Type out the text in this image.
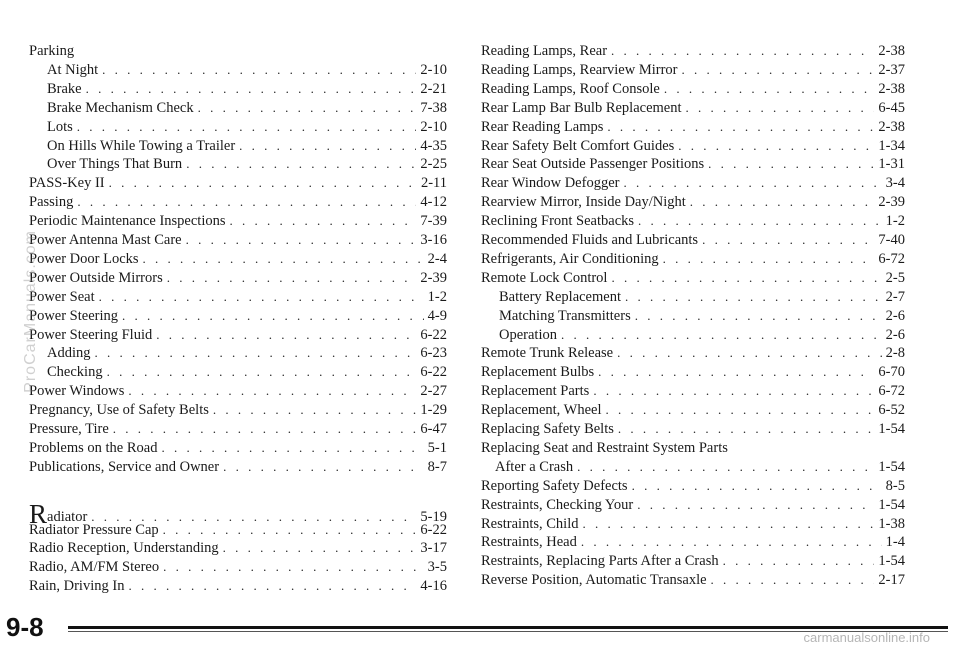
Parking
At Night . . .	2-10
Brake . . .	2-21
Brake Mechanism Check . . .	7-38
Lots . . .	2-10
On Hills While Towing a Trailer . . .	4-35
Over Things That Burn . . .	2-25
PASS-Key II . . .	2-11
Passing . . .	4-12
Periodic Maintenance Inspections . . .	7-39
Power Antenna Mast Care . . .	3-16
Power Door Locks . . .	2-4
Power Outside Mirrors . . .	2-39
Power Seat . . .	1-2
Power Steering . . .	4-9
Power Steering Fluid . . .	6-22
Adding . . .	6-23
Checking . . .	6-22
Power Windows . . .	2-27
Pregnancy, Use of Safety Belts . . .	1-29
Pressure, Tire . . .	6-47
Problems on the Road . . .	5-1
Publications, Service and Owner . . .	8-7
Radiator . . .	5-19
Radiator Pressure Cap . . .	6-22
Radio Reception, Understanding . . .	3-17
Radio, AM/FM Stereo . . .	3-5
Rain, Driving In . . .	4-16
Reading Lamps, Rear . . .	2-38
Reading Lamps, Rearview Mirror . . .	2-37
Reading Lamps, Roof Console . . .	2-38
Rear Lamp Bar Bulb Replacement . . .	6-45
Rear Reading Lamps . . .	2-38
Rear Safety Belt Comfort Guides . . .	1-34
Rear Seat Outside Passenger Positions . . .	1-31
Rear Window Defogger . . .	3-4
Rearview Mirror, Inside Day/Night . . .	2-39
Reclining Front Seatbacks . . .	1-2
Recommended Fluids and Lubricants . . .	7-40
Refrigerants, Air Conditioning . . .	6-72
Remote Lock Control . . .	2-5
Battery Replacement . . .	2-7
Matching Transmitters . . .	2-6
Operation . . .	2-6
Remote Trunk Release . . .	2-8
Replacement Bulbs . . .	6-70
Replacement Parts . . .	6-72
Replacement, Wheel . . .	6-52
Replacing Safety Belts . . .	1-54
Replacing Seat and Restraint System Parts
After a Crash . . .	1-54
Reporting Safety Defects . . .	8-5
Restraints, Checking Your . . .	1-54
Restraints, Child . . .	1-38
Restraints, Head . . .	1-4
Restraints, Replacing Parts After a Crash . . .	1-54
Reverse Position, Automatic Transaxle . . .	2-17
ProCarManuals.com
9-8	carmanualsonline.info
